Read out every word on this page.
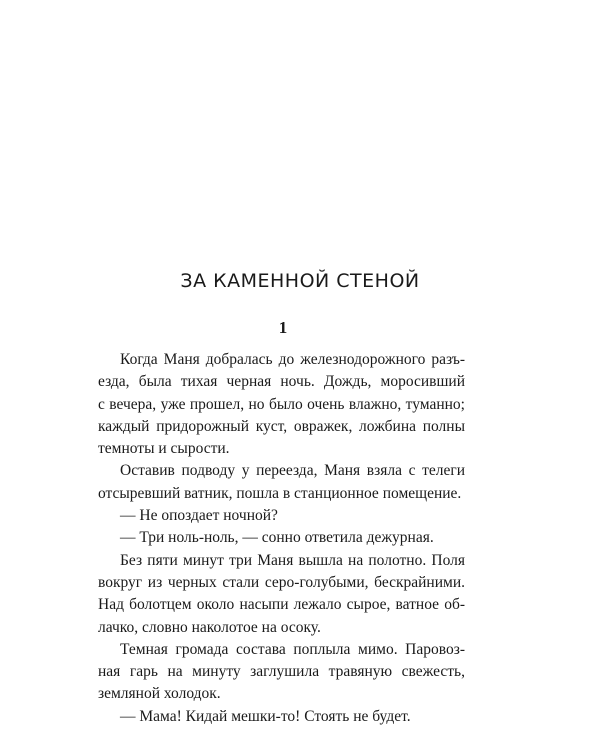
ЗА КАМЕННОЙ СТЕНОЙ
1
Когда Маня добралась до железнодорожного разъ-
езда, была тихая черная ночь. Дождь, моросивший
с вечера, уже прошел, но было очень влажно, туманно;
каждый придорожный куст, овражек, ложбина полны
темноты и сырости.
Оставив подводу у переезда, Маня взяла с телеги
отсыревший ватник, пошла в станционное помещение.
— Не опоздает ночной?
— Три ноль-ноль, — сонно ответила дежурная.
Без пяти минут три Маня вышла на полотно. Поля
вокруг из черных стали серо-голубыми, бескрайними.
Над болотцем около насыпи лежало сырое, ватное об-
лачко, словно наколотое на осоку.
Темная громада состава поплыла мимо. Паровоз-
ная гарь на минуту заглушила травяную свежесть,
земляной холодок.
— Мама! Кидай мешки-то! Стоять не будет.
